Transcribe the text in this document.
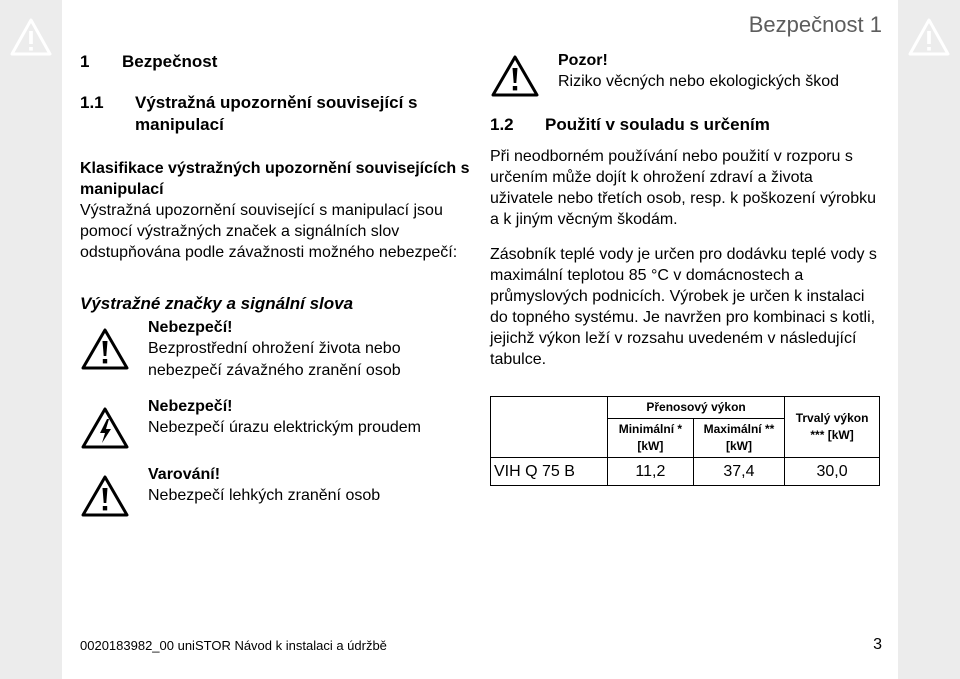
Bezpečnost 1
1	Bezpečnost
1.1	Výstražná upozornění související s manipulací
Klasifikace výstražných upozornění souvisejících s manipulací
Výstražná upozornění související s manipulací jsou pomocí výstražných značek a signálních slov odstupňována podle závažnosti možného nebezpečí:
Výstražné značky a signální slova
Nebezpečí!
Bezprostřední ohrožení života nebo nebezpečí závažného zranění osob
Nebezpečí!
Nebezpečí úrazu elektrickým proudem
Varování!
Nebezpečí lehkých zranění osob
Pozor!
Riziko věcných nebo ekologických škod
1.2	Použití v souladu s určením
Při neodborném používání nebo použití v rozporu s určením může dojít k ohrožení zdraví a života uživatele nebo třetích osob, resp. k poškození výrobku a k jiným věcným škodám.
Zásobník teplé vody je určen pro dodávku teplé vody s maximální teplotou 85 °C v domácnostech a průmyslových podnicích. Výrobek je určen k instalaci do topného systému. Je navržen pro kombinaci s kotli, jejichž výkon leží v rozsahu uvedeném v následující tabulce.
	Přenosový výkon		Trvalý výkon *** [kW]
	Minimální * [kW]	Maximální ** [kW]	
VIH Q 75 B	11,2	37,4	30,0
0020183982_00 uniSTOR Návod k instalaci a údržbě	3
